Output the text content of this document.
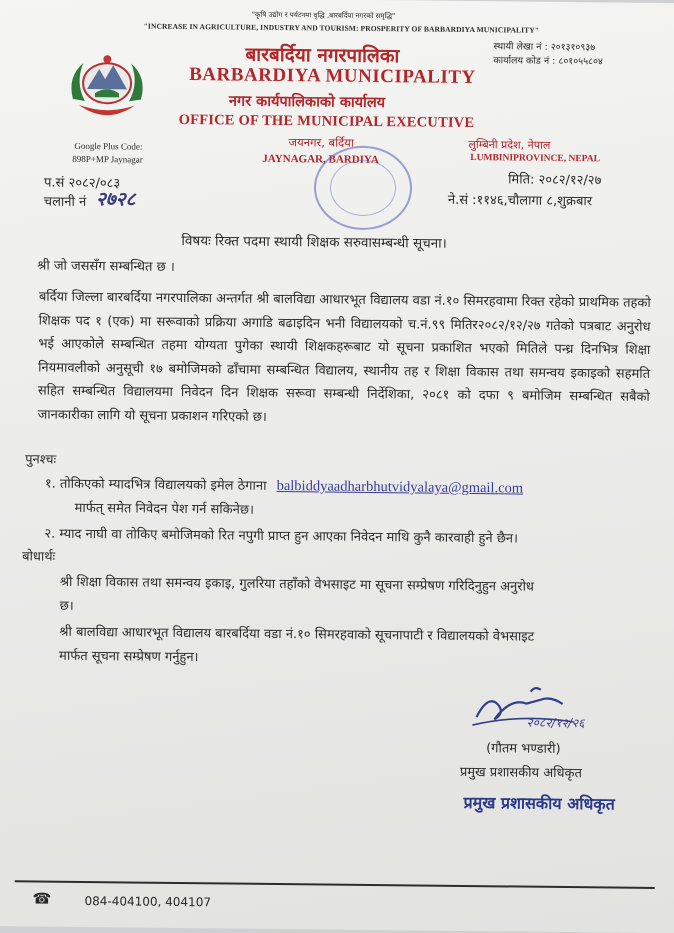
"कृषि उद्योग र पर्यटनमा वृद्धि ,बारबर्दिया नगरको समृद्धि"
"INCREASE IN AGRICULTURE, INDUSTRY AND TOURISM: PROSPERITY OF BARBARDIYA MUNICIPALITY"
स्थायी लेखा नं : २०१३१०९३७
कार्यालय कोड नं : ८०१०५५८०४
बारबर्दिया नगरपालिका
BARBARDIYA MUNICIPALITY
नगर कार्यपालिकाको कार्यालय
OFFICE OF THE MUNICIPAL EXECUTIVE
जयनगर, बर्दिया
JAYNAGAR, BARDIYA
Google Plus Code:
898P+MP Jaynagar
लुम्बिनी प्रदेश, नेपाल
LUMBINIPROVINCE, NEPAL
प.सं २०८२/०८३
चलानी नं २७२८
मिति: २०८२/१२/२७
ने.सं :११४६,चौलागा ८,शुक्रबार
विषयः रिक्त पदमा स्थायी शिक्षक सरुवासम्बन्धी सूचना।
श्री जो जससँग सम्बन्धित छ ।
बर्दिया जिल्ला बारबर्दिया नगरपालिका अन्तर्गत श्री बालविद्या आधारभूत विद्यालय वडा नं.१० सिमरहवामा रिक्त रहेको प्राथमिक तहको शिक्षक पद १ (एक) मा सरूवाको प्रक्रिया अगाडि बढाइदिन भनी विद्यालयको च.नं.९९ मितिर२०८२/१२/२७ गतेको पत्रबाट अनुरोध भई आएकोले सम्बन्धित तहमा योग्यता पुगेका स्थायी शिक्षकहरूबाट यो सूचना प्रकाशित भएको मितिले पन्ध्र दिनभित्र शिक्षा नियमावलीको अनुसूची १७ बमोजिमको ढाँचामा सम्बन्धित विद्यालय, स्थानीय तह र शिक्षा विकास तथा समन्वय इकाइको सहमति सहित सम्बन्धित विद्यालयमा निवेदन दिन शिक्षक सरूवा सम्बन्धी निर्देशिका, २०८१ को दफा ९ बमोजिम सम्बन्धित सबैको जानकारीका लागि यो सूचना प्रकाशन गरिएको छ।
पुनश्चः
१. तोकिएको म्यादभित्र विद्यालयको इमेल ठेगाना balbiddyaadharbhutvidyalaya@gmail.com
मार्फत् समेत निवेदन पेश गर्न सकिनेछ।
२. म्याद नाघी वा तोकिए बमोजिमको रित नपुगी प्राप्त हुन आएका निवेदन माथि कुनै कारवाही हुने छैन।
बोधार्थः
श्री शिक्षा विकास तथा समन्वय इकाइ, गुलरिया तहाँको वेभसाइट मा सूचना सम्प्रेषण गरिदिनुहुन अनुरोध
छ।
श्री बालविद्या आधारभूत विद्यालय बारबर्दिया वडा नं.१० सिमरहवाको सूचनापाटी र विद्यालयको वेभसाइट
मार्फत सूचना सम्प्रेषण गर्नुहुन।
२०८२/१२/२६
(गौतम भण्डारी)
प्रमुख प्रशासकीय अधिकृत
प्रमुख प्रशासकीय अधिकृत
☎	084-404100, 404107
